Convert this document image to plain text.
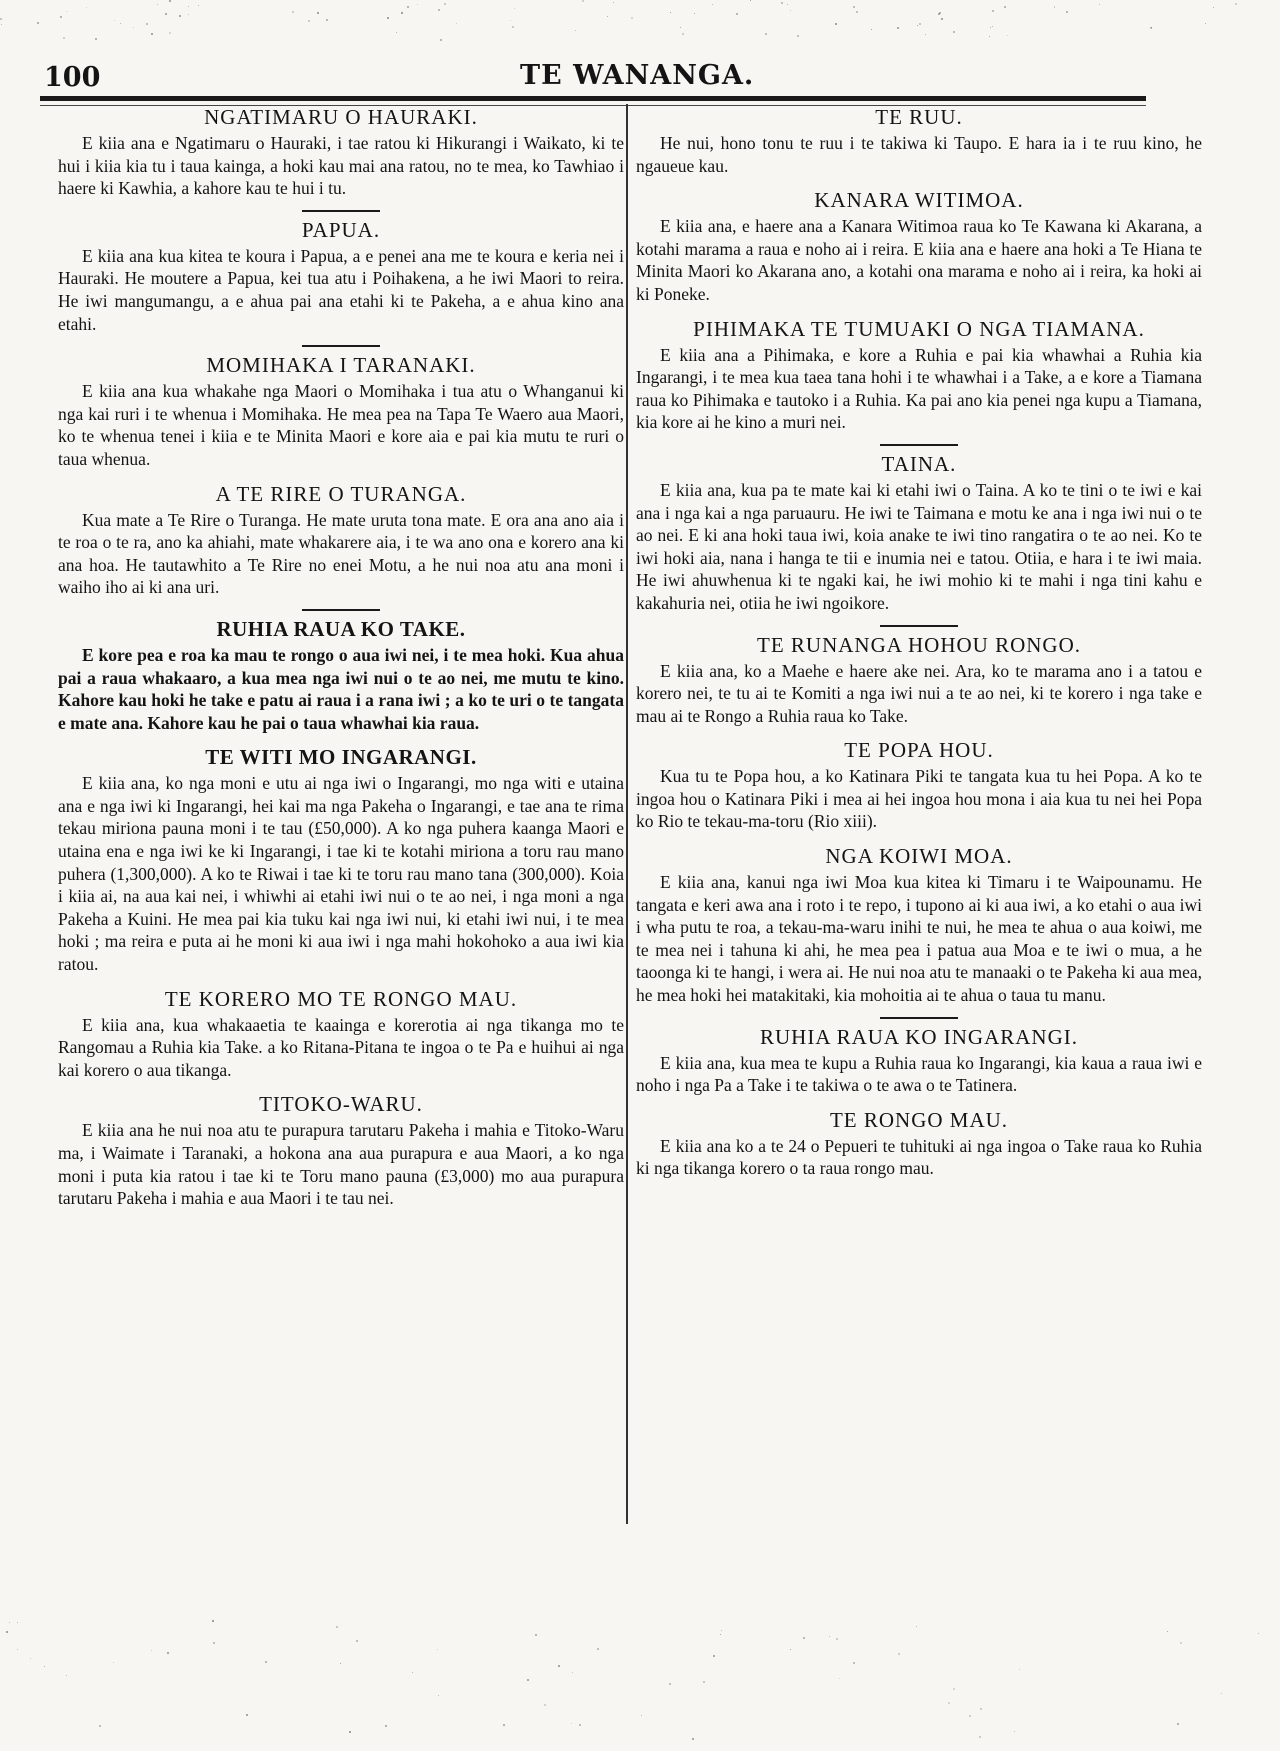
100	TE WANANGA.
NGATIMARU O HAURAKI.

E kiia ana e Ngatimaru o Hauraki, i tae ratou ki Hikurangi i Waikato, ki te hui i kiia kia tu i taua kainga, a hoki kau mai ana ratou, no te mea, ko Tawhiao i haere ki Kawhia, a kahore kau te hui i tu.

PAPUA.

E kiia ana kua kitea te koura i Papua, a e penei ana me te koura e keria nei i Hauraki. He moutere a Papua, kei tua atu i Poihakena, a he iwi Maori to reira. He iwi mangumangu, a e ahua pai ana etahi ki te Pakeha, a e ahua kino ana etahi.

MOMIHAKA I TARANAKI.

E kiia ana kua whakahe nga Maori o Momihaka i tua atu o Whanganui ki nga kai ruri i te whenua i Momihaka. He mea pea na Tapa Te Waero aua Maori, ko te whenua tenei i kiia e te Minita Maori e kore aia e pai kia mutu te ruri o taua whenua.

A TE RIRE O TURANGA.

Kua mate a Te Rire o Turanga. He mate uruta tona mate. E ora ana ano aia i te roa o te ra, ano ka ahiahi, mate whakarere aia, i te wa ano ona e korero ana ki ana hoa. He tautawhito a Te Rire no enei Motu, a he nui noa atu ana moni i waiho iho ai ki ana uri.

RUHIA RAUA KO TAKE.

E kore pea e roa ka mau te rongo o aua iwi nei, i te mea hoki. Kua ahua pai a raua whakaaro, a kua mea nga iwi nui o te ao nei, me mutu te kino. Kahore kau hoki he take e patu ai raua i a rana iwi ; a ko te uri o te tangata e mate ana. Kahore kau he pai o taua whawhai kia raua.

TE WITI MO INGARANGI.

E kiia ana, ko nga moni e utu ai nga iwi o Ingarangi, mo nga witi e utaina ana e nga iwi ki Ingarangi, hei kai ma nga Pakeha o Ingarangi, e tae ana te rima tekau miriona pauna moni i te tau (£50,000). A ko nga puhera kaanga Maori e utaina ena e nga iwi ke ki Ingarangi, i tae ki te kotahi miriona a toru rau mano puhera (1,300,000). A ko te Riwai i tae ki te toru rau mano tana (300,000). Koia i kiia ai, na aua kai nei, i whiwhi ai etahi iwi nui o te ao nei, i nga moni a nga Pakeha a Kuini. He mea pai kia tuku kai nga iwi nui, ki etahi iwi nui, i te mea hoki ; ma reira e puta ai he moni ki aua iwi i nga mahi hokohoko a aua iwi kia ratou.

TE KORERO MO TE RONGO MAU.

E kiia ana, kua whakaaetia te kaainga e korerotia ai nga tikanga mo te Rangomau a Ruhia kia Take. a ko Ritana-Pitana te ingoa o te Pa e huihui ai nga kai korero o aua tikanga.

TITOKO-WARU.

E kiia ana he nui noa atu te purapura tarutaru Pakeha i mahia e Titoko-Waru ma, i Waimate i Taranaki, a hokona ana aua purapura e aua Maori, a ko nga moni i puta kia ratou i tae ki te Toru mano pauna (£3,000) mo aua purapura tarutaru Pakeha i mahia e aua Maori i te tau nei.

TE RUU.

He nui, hono tonu te ruu i te takiwa ki Taupo. E hara ia i te ruu kino, he ngaueue kau.

KANARA WITIMOA.

E kiia ana, e haere ana a Kanara Witimoa raua ko Te Kawana ki Akarana, a kotahi marama a raua e noho ai i reira. E kiia ana e haere ana hoki a Te Hiana te Minita Maori ko Akarana ano, a kotahi ona marama e noho ai i reira, ka hoki ai ki Poneke.

PIHIMAKA TE TUMUAKI O NGA TIAMANA.

E kiia ana a Pihimaka, e kore a Ruhia e pai kia whawhai a Ruhia kia Ingarangi, i te mea kua taea tana hohi i te whawhai i a Take, a e kore a Tiamana raua ko Pihimaka e tautoko i a Ruhia. Ka pai ano kia penei nga kupu a Tiamana, kia kore ai he kino a muri nei.

TAINA.

E kiia ana, kua pa te mate kai ki etahi iwi o Taina. A ko te tini o te iwi e kai ana i nga kai a nga paruauru. He iwi te Taimana e motu ke ana i nga iwi nui o te ao nei. E ki ana hoki taua iwi, koia anake te iwi tino rangatira o te ao nei. Ko te iwi hoki aia, nana i hanga te tii e inumia nei e tatou. Otiia, e hara i te iwi maia. He iwi ahuwhenua ki te ngaki kai, he iwi mohio ki te mahi i nga tini kahu e kakahuria nei, otiia he iwi ngoikore.

TE RUNANGA HOHOU RONGO.

E kiia ana, ko a Maehe e haere ake nei. Ara, ko te marama ano i a tatou e korero nei, te tu ai te Komiti a nga iwi nui a te ao nei, ki te korero i nga take e mau ai te Rongo a Ruhia raua ko Take.

TE POPA HOU.

Kua tu te Popa hou, a ko Katinara Piki te tangata kua tu hei Popa. A ko te ingoa hou o Katinara Piki i mea ai hei ingoa hou mona i aia kua tu nei hei Popa ko Rio te tekau-ma-toru (Rio xiii).

NGA KOIWI MOA.

E kiia ana, kanui nga iwi Moa kua kitea ki Timaru i te Waipounamu. He tangata e keri awa ana i roto i te repo, i tupono ai ki aua iwi, a ko etahi o aua iwi i wha putu te roa, a tekau-ma-waru inihi te nui, he mea te ahua o aua koiwi, me te mea nei i tahuna ki ahi, he mea pea i patua aua Moa e te iwi o mua, a he taoonga ki te hangi, i wera ai. He nui noa atu te manaaki o te Pakeha ki aua mea, he mea hoki hei matakitaki, kia mohoitia ai te ahua o taua tu manu.

RUHIA RAUA KO INGARANGI.

E kiia ana, kua mea te kupu a Ruhia raua ko Ingarangi, kia kaua a raua iwi e noho i nga Pa a Take i te takiwa o te awa o te Tatinera.

TE RONGO MAU.

E kiia ana ko a te 24 o Pepueri te tuhituki ai nga ingoa o Take raua ko Ruhia ki nga tikanga korero o ta raua rongo mau.
